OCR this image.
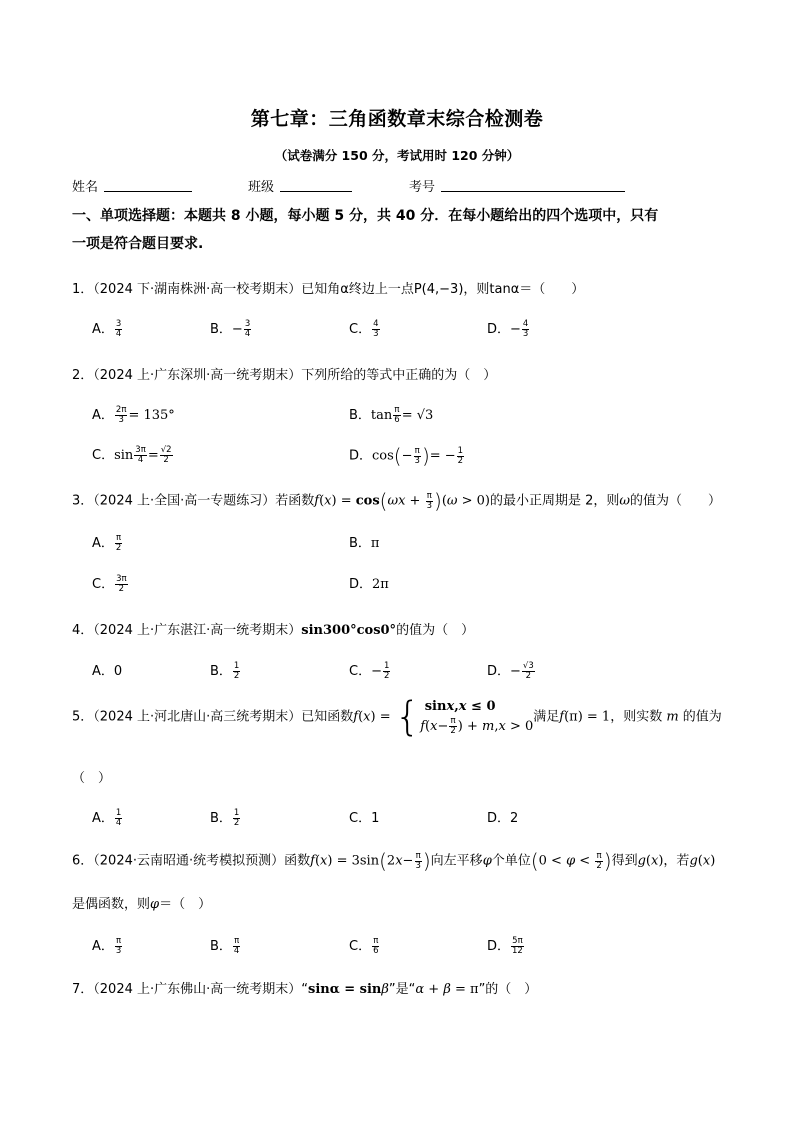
第七章：三角函数章末综合检测卷
（试卷满分 150 分，考试用时 120 分钟）
姓名	班级	考号
一、单项选择题：本题共 8 小题，每小题 5 分，共 40 分．在每小题给出的四个选项中，只有
一项是符合题目要求.
1．（2024 下·湖南株洲·高一校考期末）已知角α终边上一点P(4,−3)，则tanα＝（　　）
A． $\frac{3}{4}$	B．− $\frac{3}{4}$	C． $\frac{4}{3}$	D．− $\frac{4}{3}$
2．（2024 上·广东深圳·高一统考期末）下列所给的等式中正确的为（　）
A． $\frac{2\pi}{3} = 135^\circ$	B．$\tan \frac{\pi}{6} = √3$
C．$\sin \frac{3\pi}{4} = \frac{√2}{2}$	D．$\cos(- \frac{\pi}{3}$ )= − $\frac{1}{2}$
3．（2024 上·全国·高一专题练习）若函数$f(x) = \cos(\omega x + \frac{\pi}{3} )(\omega > 0)$的最小正周期是 2，则ω的值为（　　）
A． $\frac{\pi}{2}$	B．π
C． $\frac{3\pi}{2}$	D．2π
4．（2024 上·广东湛江·高一统考期末）sin300°cos0°的值为（　）
A．0	B． $\frac{1}{2}$	C．− $\frac{1}{2}$	D．− $\frac{√3}{2}$
5．（2024 上·河北唐山·高三统考期末）已知函数f(x) = { sinx,x ≤ 0
$f(x- \frac{\pi}{2}$ ) + m,x > 0
满足f(π) = 1，则实数 m 的值为
（　）
A． $\frac{1}{4}$	B． $\frac{1}{2}$	C．1	D．2
6．（2024·云南昭通·统考模拟预测）函数$f(x) = 3\sin(2x- \frac{\pi}{3}$ )向左平移φ个单位($0 < \varphi < \frac{\pi}{2}$ )得到g(x)，若g(x)
是偶函数，则φ＝（　）
A． $\frac{\pi}{3}$	B． $\frac{\pi}{4}$	C． $\frac{\pi}{6}$	D． $\frac{5\pi}{12}$
7．（2024 上·广东佛山·高一统考期末）“sinα = sinβ”是“α + β = π”的（　）
